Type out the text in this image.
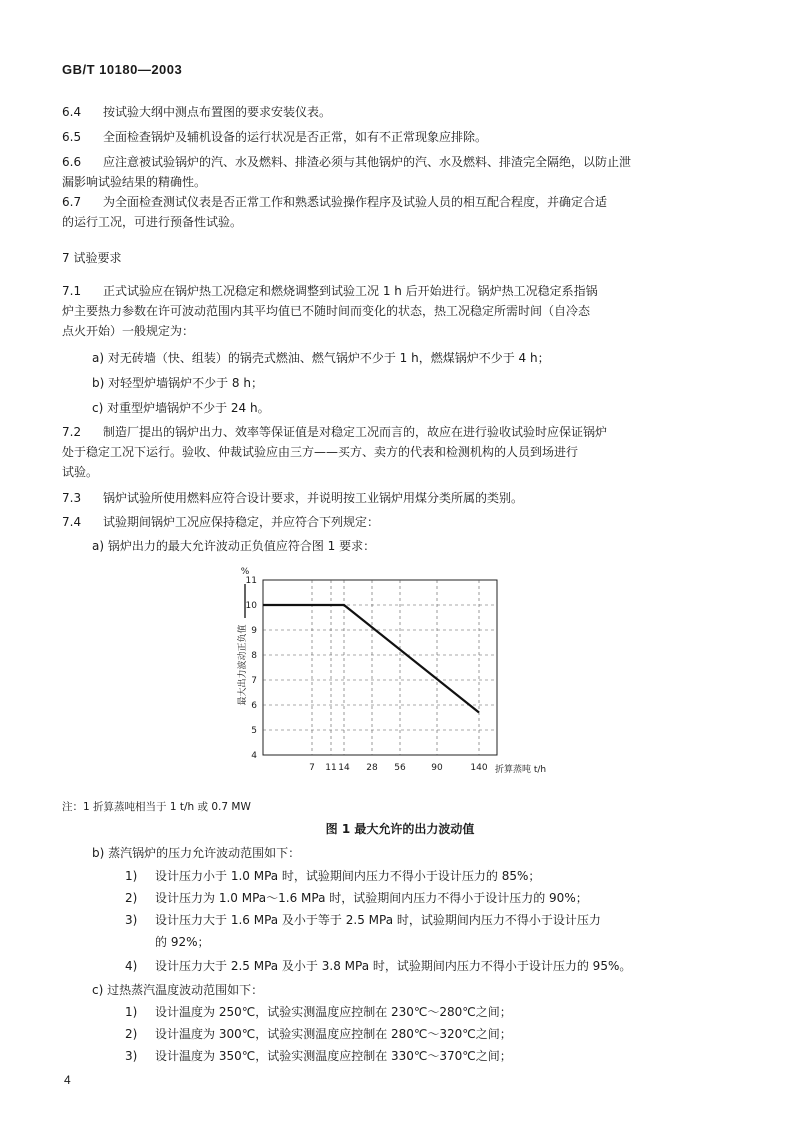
GB/T 10180—2003
6.4 按试验大纲中测点布置图的要求安装仪表。
6.5 全面检查锅炉及辅机设备的运行状况是否正常，如有不正常现象应排除。
6.6 应注意被试验锅炉的汽、水及燃料、排渣必须与其他锅炉的汽、水及燃料、排渣完全隔绝，以防止泄
漏影响试验结果的精确性。
6.7 为全面检查测试仪表是否正常工作和熟悉试验操作程序及试验人员的相互配合程度，并确定合适
的运行工况，可进行预备性试验。
7 试验要求
7.1 正式试验应在锅炉热工况稳定和燃烧调整到试验工况 1 h 后开始进行。锅炉热工况稳定系指锅
炉主要热力参数在许可波动范围内其平均值已不随时间而变化的状态，热工况稳定所需时间（自冷态
点火开始）一般规定为：
a) 对无砖墙（快、组装）的锅壳式燃油、燃气锅炉不少于 1 h，燃煤锅炉不少于 4 h；
b) 对轻型炉墙锅炉不少于 8 h；
c) 对重型炉墙锅炉不少于 24 h。
7.2 制造厂提出的锅炉出力、效率等保证值是对稳定工况而言的，故应在进行验收试验时应保证锅炉
处于稳定工况下运行。验收、仲裁试验应由三方——买方、卖方的代表和检测机构的人员到场进行
试验。
7.3 锅炉试验所使用燃料应符合设计要求，并说明按工业锅炉用煤分类所属的类别。
7.4 试验期间锅炉工况应保持稳定，并应符合下列规定：
a) 锅炉出力的最大允许波动正负值应符合图 1 要求：
4
5
6
7
8
9
10
11
7 11 14 28 56	90	140
%
最大出力波动正负值
折算蒸吨 t/h
注：1 折算蒸吨相当于 1 t/h 或 0.7 MW
图 1 最大允许的出力波动值
b) 蒸汽锅炉的压力允许波动范围如下：
1) 设计压力小于 1.0 MPa 时，试验期间内压力不得小于设计压力的 85%；
2) 设计压力为 1.0 MPa～1.6 MPa 时，试验期间内压力不得小于设计压力的 90%；
3) 设计压力大于 1.6 MPa 及小于等于 2.5 MPa 时，试验期间内压力不得小于设计压力
的 92%；
4) 设计压力大于 2.5 MPa 及小于 3.8 MPa 时，试验期间内压力不得小于设计压力的 95%。
c) 过热蒸汽温度波动范围如下：
1) 设计温度为 250℃，试验实测温度应控制在 230℃～280℃之间；
2) 设计温度为 300℃，试验实测温度应控制在 280℃～320℃之间；
3) 设计温度为 350℃，试验实测温度应控制在 330℃～370℃之间；
4
